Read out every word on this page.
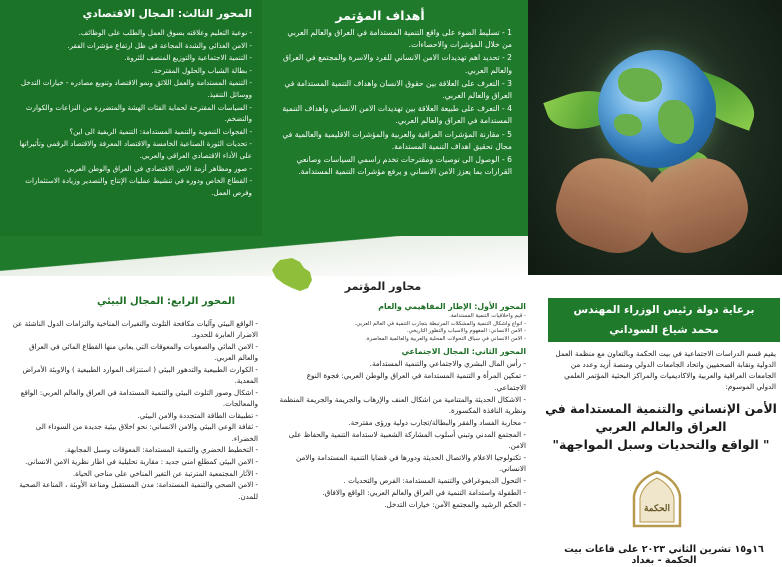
أهداف المؤتمر

1 - تسليط الضوء على واقع التنمية المستدامة في العراق والعالم العربي من خلال المؤشرات والاحصاءات.

2 - تحديد اهم تهديدات الامن الانساني للفرد والاسرة والمجتمع في العراق والعالم العربي.

3 - التعرف على العلاقة بين حقوق الانسان واهداف التنمية المستدامة في العراق والعالم العربي.

4 - التعرف على طبيعة العلاقة بين تهديدات الامن الانساني واهداف التنمية المستدامة في العراق والعالم العربي.

5 - مقارنة المؤشرات العراقية والعربية والمؤشرات الاقليمية والعالمية في مجال تحقيق اهداف التنمية المستدامة.

6 - الوصول الى توصيات ومقترحات تخدم راسمي السياسات وصانعي القرارات بما يعزز الامن الانساني و يرفع مؤشرات التنمية المستدامة.

المحور الثالث: المجال الاقتصادي

- نوعية التعليم وعلاقته بسوق العمل والطلب على الوظائف.

- الامن الغذائي والشدة المجاعة في ظل ارتفاع مؤشرات الفقر.

- التنمية الاجتماعية والتوزيع المنصف للثروة.

- بطالة الشباب والحلول المقترحة.

- التنمية المستدامة والعمل اللائق ونمو الاقتصاد وتنويع مصادره - خيارات التدخل ووسائل التنفيذ.

- السياسات المقترحة لحماية الفئات الهشة والمتضررة من النزاعات والكوارث والتضخم.

- الفجوات التنموية والتنمية المستدامة: التنمية الريفية الى اين؟

- تحديات الثورة الصناعية الخامسة والاقتصاد المعرفة والاقتصاد الرقمي وتأثيراتها على الأداء الاقتصادي العراقي والعربي.

- صور ومظاهر أزمة الامن الاقتصادي في العراق والوطن العربي.

- القطاع الخاص ودوره في تنشيط عمليات الإنتاج والتصدير وزيادة الاستثمارات وفرص العمل.

محاور المؤتمر
المحور الأول: الإطار المفاهيمي والعام

- قيم واخلاقيات التنمية المستدامة.

- انواع واشكال التنمية والمشكلات المرتبطة بتجارب التنمية في العالم العربي.

- الامن الانساني: المفهوم والاسباب والتطور التاريخي.

- الامن الانساني في سياق التحولات المحلية والعربية والعالمية المعاصرة.

المحور الثاني: المجال الاجتماعي

- رأس المال البشري والاجتماعي والتنمية المستدامة.

- تمكين المرأة و التنمية المستدامة في العراق والوطن العربي: فجوة النوع الاجتماعي.

- الاشكال الحديثة والمتنامية من اشكال العنف والإرهاب والجريمة والجريمة المنظمة ونظرية النافذة المكسورة.

- محاربة الفساد والفقر والبطالة/تجارب دولية ورؤى مقترحة.

- المجتمع المدني وتبني أسلوب المشاركة الشعبية لاستدامة التنمية والحفاظ على الامن.

- تكنولوجيا الاعلام والاتصال الحديثة ودورها في قضايا التنمية المستدامة والامن الانساني.

- التحول الديموغرافي والتنمية المستدامة: الفرص والتحديات .

- الطفولة واستدامة التنمية في العراق والعالم العربي: الواقع والافاق.

- الحكم الرشيد والمجتمع الآمن: خيارات التدخل.

المحور الرابع: المجال البيئي

- الواقع البيئي وآليات مكافحة التلوث والتغيرات المناخية والتزامات الدول الناشئة عن الاضرار العابرة للحدود.

- الامن المائي والصعوبات والمعوقات التي يعاني منها القطاع المائي في العراق والعالم العربي.

- الكوارث الطبيعية والتدهور البيئي ( استنزاف الموارد الطبيعية ) والاوبئة الأمراض المعدية.

- اشكال وصور التلوث البيئي والتنمية المستدامة في العراق والعالم العربي: الواقع والمعالجات.

- تطبيقات الطاقة المتجددة والامن البيئي.

- ثقافة الوعي البيئي والامن الانساني: نحو اخلاق بيئية جديدة من السوداء الى الخضراء.

- التخطيط الحضري والتنمية المستدامة: المعوقات وسبل المجابهة.

- الامن البيئي كمطلع امني جديد : مقاربة تحليلية في اطار نظرية الامن الانساني.

- الآثار المجتمعية المترتبة عن التغير المناخي على مناحي الحياة.

- الامن الصحي والتنمية المستدامة: مدن المستقبل ومناعة الأوبئة ، المناعة الصحية للمدن.

برعاية دولة رئيس الوزراء المهندس
محمد شياع السوداني
يقيم قسم الدراسات الاجتماعية في بيت الحكمة وبالتعاون مع منظمة العمل الدولية ونقابة الصحفيين واتحاد الجامعات الدولي ومنصة أريد وعدد من الجامعات العراقية والعربية والاكاديميات والمراكز البحثية المؤتمر العلمي الدولي الموسوم:
الأمن الإنساني والتنمية المستدامة في
العراق والعالم العربي
" الواقع والتحديات وسبل المواجهة"
الحكمة
١٦و١٥ تشرين الثاني ٢٠٢٣ على قاعات بيت الحكمة - بغداد
